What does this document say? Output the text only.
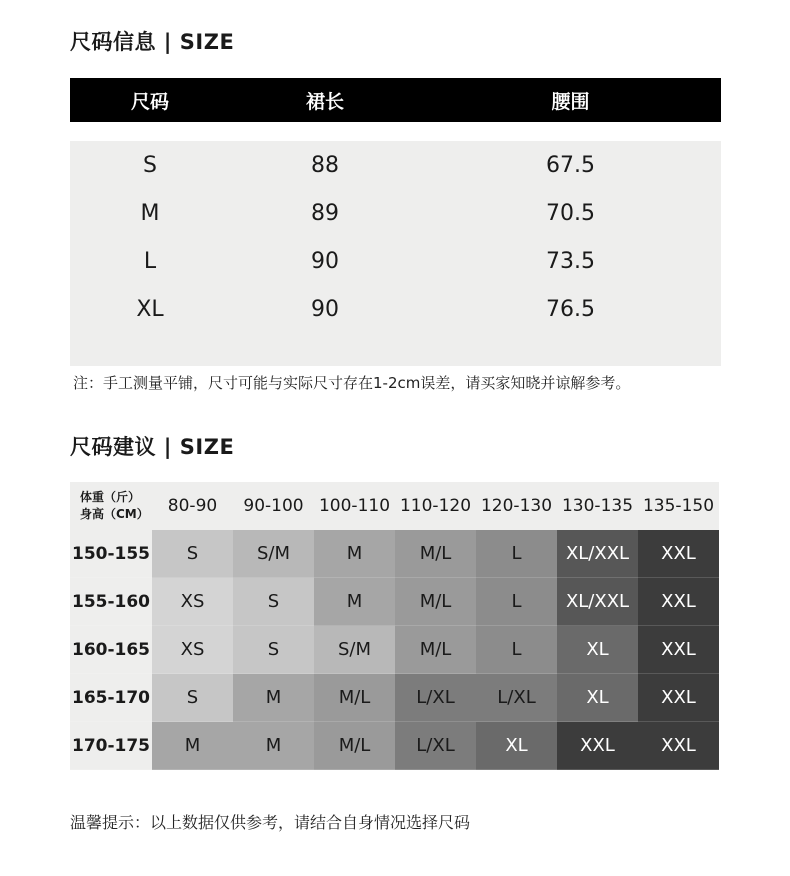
尺码信息 | SIZE
尺码	裙长	腰围
S	88	67.5
M	89	70.5
L	90	73.5
XL	90	76.5
注：手工测量平铺，尺寸可能与实际尺寸存在1-2cm误差，请买家知晓并谅解参考。
尺码建议 | SIZE
体重（斤）
身高（CM）	80-90	90-100 100-110 110-120 120-130 130-135 135-150
150-155	S	S/M	M	M/L	L	XL/XXL	XXL
155-160	XS	S	M	M/L	L	XL/XXL	XXL
160-165	XS	S	S/M	M/L	L	XL	XXL
165-170	S	M	M/L	L/XL	L/XL	XL	XXL
170-175	M	M	M/L	L/XL	XL	XXL	XXL
温馨提示：以上数据仅供参考，请结合自身情况选择尺码
